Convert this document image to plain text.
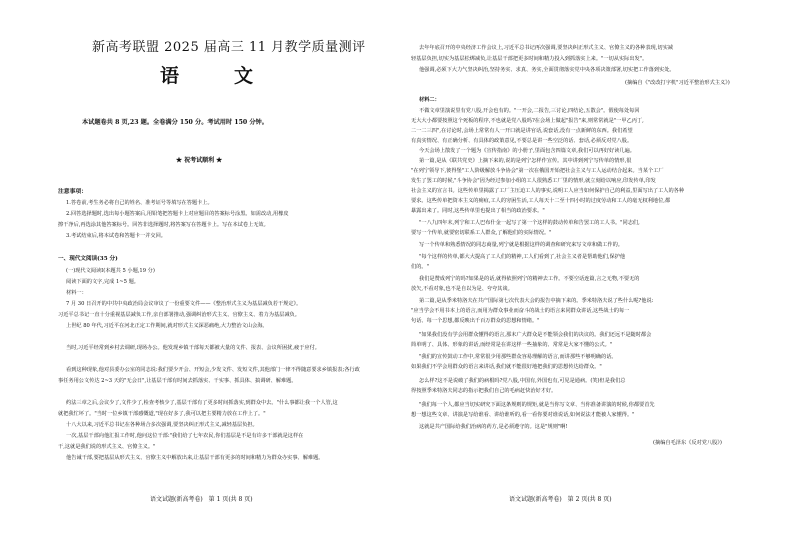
新高考联盟 2025 届高三 11 月教学质量测评
语　文
本试题卷共 8 页,23 题。全卷满分 150 分。考试用时 150 分钟。
★ 祝考试顺利 ★
注意事项：
1.答卷前,考生务必将自己的姓名、准考证号等填写在答题卡上。
2.回答选择题时,选出每小题答案后,用铅笔把答题卡上对应题目的答案标号涂黑。如需改动,用橡皮
擦干净后,再选涂其他答案标号。回答非选择题时,将答案写在答题卡上。写在本试卷上无效。
3.考试结束后,将本试卷和答题卡一并交回。
一、现代文阅读(35 分)
(一)现代文阅读Ⅰ(本题共 5 小题,19 分)
阅读下面的文字,完成 1~5 题。
材料一：
7 月 30 日召开的中共中央政治局会议审议了一份重要文件——《整治形式主义为基层减负若干规定》。
习近平总书记一直十分重视基层减负工作,亲自部署推动,强调纠治形式主义、官僚主义、着力为基层减负。
上世纪 80 年代,习近平在河北正定工作期间,就对形式主义深恶痛绝,大力整治文山会海。
当时,习近平经常到乡村去调研,现场办公。他发现乡镇干部每天都被大量的文件、报表、会议所困扰,疲于应付。
看到这种现象,他对县委办公室的同志说:我们要少开会、开短会,少发文件、发短文件,其他部门一律不得随意要求乡镇报表;各行政
事任务用公文传达 2~3 天的"无会日",让基层干部有时间去抓落实、干实事、抓具体、搞调研、解难题。
约法三章之后,会议少了,文件少了,检查考核少了,基层干部有了更多时间抓落实,到群众中去。"什么事都让我一个人管,这
就把我忙坏了。"当时一位乡镇干部感慨道,"现在好多了,我可以把主要精力放在工作上了。"
十八大以来,习近平总书记在各种场合多次强调,要坚决纠正形式主义,减轻基层负担。
一次,基层干部向他汇报工作时,他问这位干部:"我们给了七年农民,你们基层是不是有许多干部就是这样在
干,这就是我们说的形式主义、官僚主义。"
他告诫干部,要把基层从形式主义、官僚主义中解放出来,让基层干部有更多的时间和精力为群众办实事、解难题。
语文试题(新高考卷)　第 1 页(共 8 页)
去年年底召开的中央经济工作会议上,习近平总书记再次强调,要坚决纠正形式主义、官僚主义的各种表现,切实减
轻基层负担,切实为基层松绑减负,让基层干部把更多时间和精力投入到抓落实上来。"一切从实际出发"。
他强调,必须下大力气坚决纠治,坚持务实、求真、务实,全面贯彻落实党中央各项决策部署,切实把工作落到实处。
(摘编自《"改改打字机"习近平整治形式主义》)
材料二：
不做文章里演说里有党八股,开会也有的。"一开会,二报告,三讨论,四结论,五散会"。假使每处每回
无大大小都要按照这个死板的程序,不也就是党八股吗?在会场上做起"报告"来,则常常就是"一甲乙丙丁,
二一二三四",在讨论时,会场上常常有人一开口就是讲官话,说套话,没有一点新鲜的东西。我们希望
有真实情况、有正确分析、有具体的政策意见,不要总是讲一些空泛的话、套话,必须反对党八股。
今天会场上散发了一个题为《宣传指南》的小册子,里面包含四篇文章,我们可以再好好读几遍。
第一篇,是从《联共党史》上摘下来的,说的是列宁怎样作宣传。其中讲到列宁写传单的情形,很
"在列宁领导下,彼得堡"工人阶级解放斗争协会"第一次在俄国开始把社会主义与工人运动结合起来。当某个工厂
发生了罢工的时候,"斗争协会"因为经过参加小组的工人很熟悉工厂里的情形,就立刻给以响应,印发传单,印发
社会主义的宣言书。这些传单里揭露了工厂主压迫工人的事实,说明工人应当如何保护自己的利益,里面写出了工人的各种
要求。这些传单把资本主义的痈疽,工人的穷困生活,工人每天十二至十四小时的过度劳动和工人的毫无权利地位,都
暴露出来了。同时,这些传单里也提出了相当的政治要求。"
"一八九四年末,列宁和工人巴布什金一起写了第一个这样的鼓动传单和告罢工的工人书。"同志们,
要写一个传单,就要密切联系工人群众,了解他们的实际情况。"
写一个传单和熟悉情况的同志商量,列宁就是根据这样的调查和研究来写文章和做工作的。
"每个这样的传单,都大大提高了工人们的精神,工人们看到了,社会主义者是帮助他们,保护他
们的。"
我们是赞成列宁的吗?如果是的话,就得依照列宁的精神去工作。不要空话连篇,言之无物,不要无的
放矢,不看对象,也不是自以为是、夸夸其谈。
第二篇,是从季米特洛夫在共产国际第七次代表大会的报告中摘下来的。季米特洛夫说了些什么呢?他说:
"应当学会不用书本上的语言,而用为群众事业而奋斗的战士的语言来同群众讲话,这些战士的每一
句话、每一个思想,都反映出千百万群众的思想和情绪。"
"如果我们没有学会用群众懂得的语言,那末广大群众是不能领会我们的决议的。我们还远不是随时都会
简单明了、具体、形象的讲话,而经常是在讲这样一些抽象的、常常是大家不懂的公式。"
"我们的宣传鼓动工作中,常常很少用那些群众容易理解的语言,而讲那些不够明确的话。
如果我们不学会用群众的语言来讲话,我们就不能很好地把我们的思想传达给群众。"
怎么样?这不是说破了我们的病根吗?党八股,中国有,外国也有,可见是通病。(笑)但是我们总
得按照季米特洛夫同志的指示把我们自己的毛病赶快治好才好。
"我们每一个人,都应当切实研究下面这条规则的规矩,就是当你写文章、当你准备讲演的时候,你都要首先
想一想这些文章、讲演是写给谁看、讲给谁听的,看一看你要对谁说话,如何说法才能被人家懂得。"
这就是共产国际给我们治病的药方,是必须遵守的。这是"规则"啊!
(摘编自毛泽东《反对党八股》)
语文试题(新高考卷)　第 2 页(共 8 页)
